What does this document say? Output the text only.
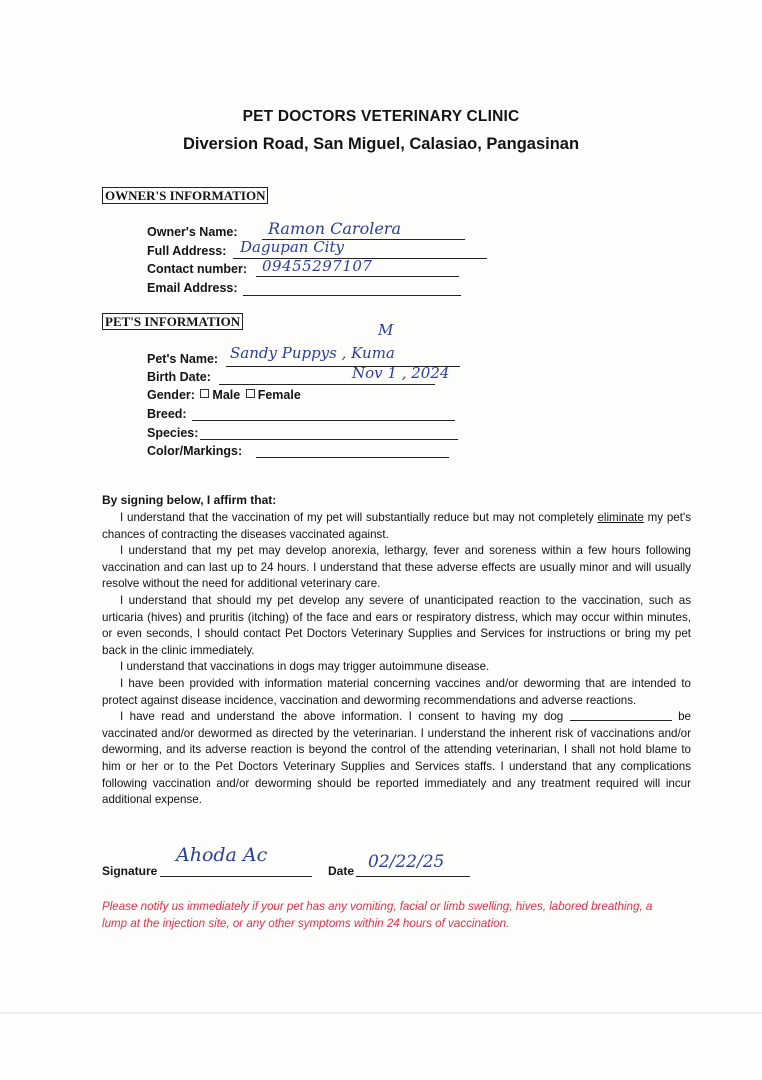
PET DOCTORS VETERINARY CLINIC
Diversion Road, San Miguel, Calasiao, Pangasinan
OWNER'S INFORMATION
Owner's Name: Ramon Carolera
Full Address: Dagupan City
Contact number: 09455297107
Email Address:
PET'S INFORMATION	M
Pet's Name: Sandy Puppys , Kuma
Birth Date:	Nov 1 , 2024
Gender: Male Female
Breed:
Species:
Color/Markings:
By signing below, I affirm that:

I understand that the vaccination of my pet will substantially reduce but may not completely eliminate my pet's chances of contracting the diseases vaccinated against.

I understand that my pet may develop anorexia, lethargy, fever and soreness within a few hours following vaccination and can last up to 24 hours. I understand that these adverse effects are usually minor and will usually resolve without the need for additional veterinary care.

I understand that should my pet develop any severe of unanticipated reaction to the vaccination, such as urticaria (hives) and pruritis (itching) of the face and ears or respiratory distress, which may occur within minutes, or even seconds, I should contact Pet Doctors Veterinary Supplies and Services for instructions or bring my pet back in the clinic immediately.

I understand that vaccinations in dogs may trigger autoimmune disease.

I have been provided with information material concerning vaccines and/or deworming that are intended to protect against disease incidence, vaccination and deworming recommendations and adverse reactions.

I have read and understand the above information. I consent to having my dog	be vaccinated and/or dewormed as directed by the veterinarian. I understand the inherent risk of vaccinations and/or deworming, and its adverse reaction is beyond the control of the attending veterinarian, I shall not hold blame to him or her or to the Pet Doctors Veterinary Supplies and Services staffs. I understand that any complications following vaccination and/or deworming should be reported immediately and any treatment required will incur additional expense.

Signature
Ahoda Ac
Date 02/22/25
Please notify us immediately if your pet has any vomiting, facial or limb swelling, hives, labored breathing, a lump at the injection site, or any other symptoms within 24 hours of vaccination.
